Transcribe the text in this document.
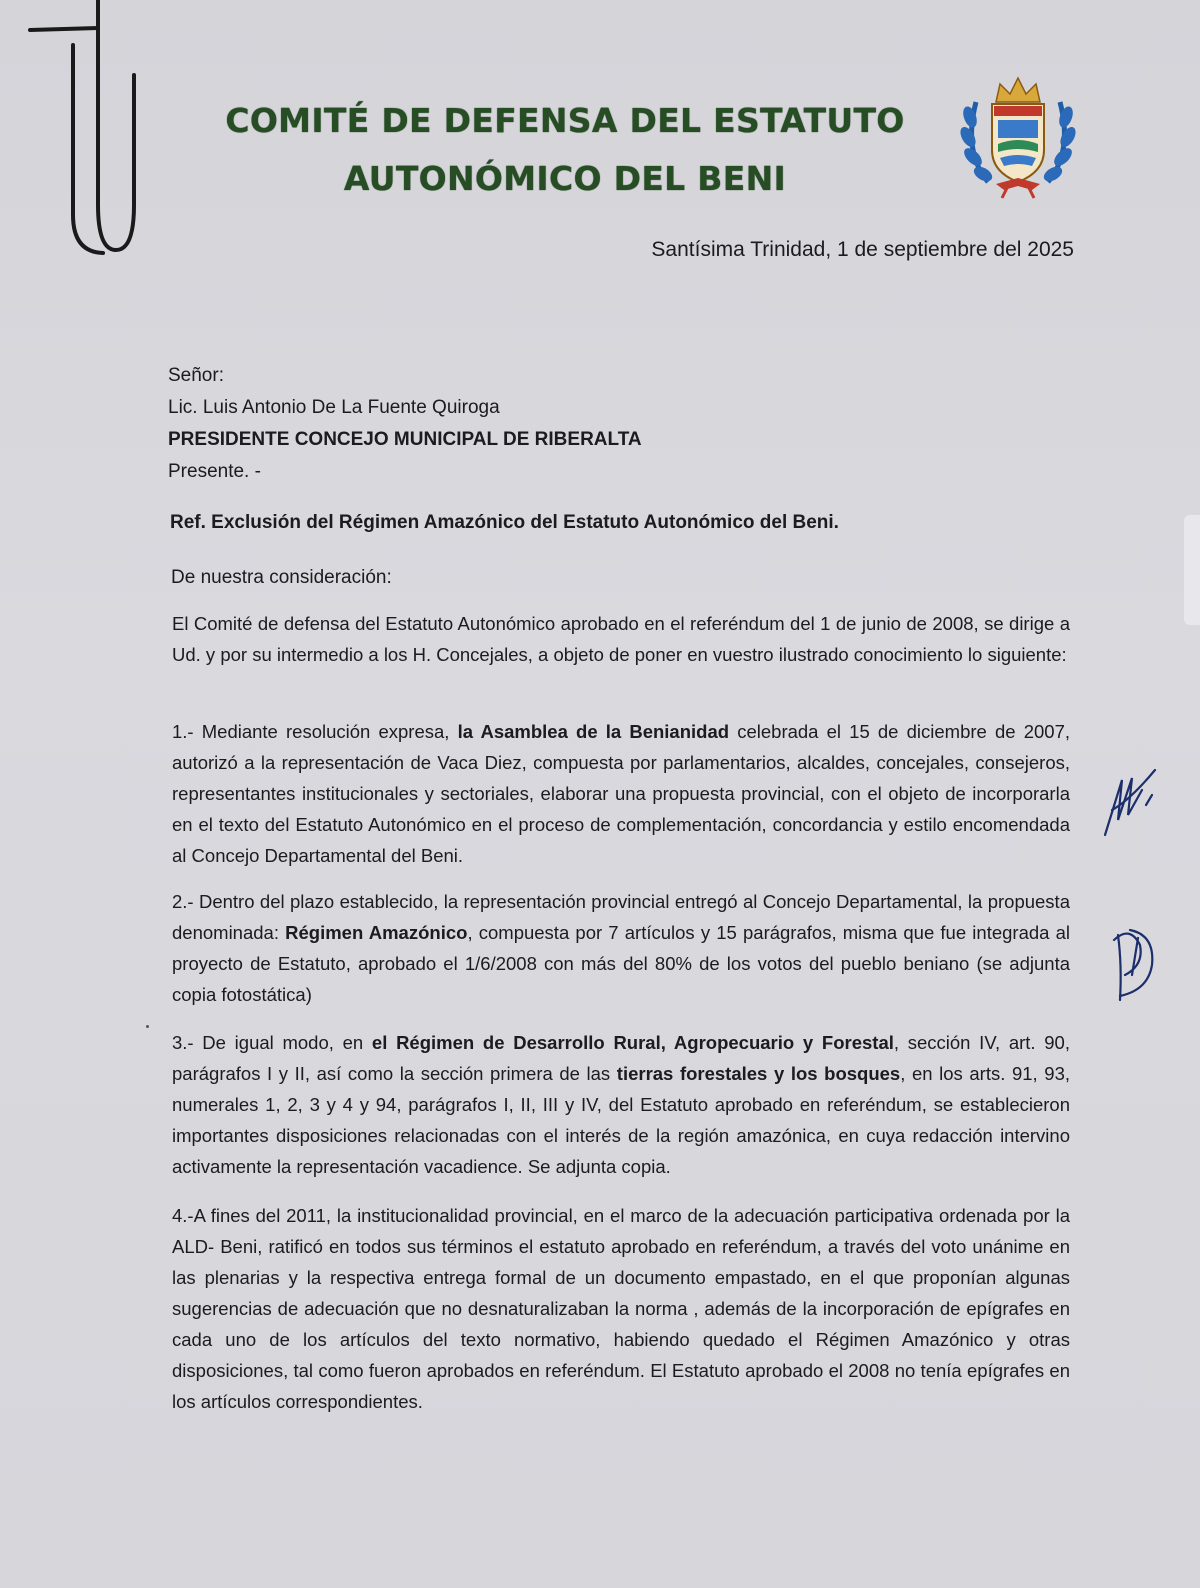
COMITÉ DE DEFENSA DEL ESTATUTO
AUTONÓMICO DEL BENI
Santísima Trinidad, 1 de septiembre del 2025
Señor:
Lic. Luis Antonio De La Fuente Quiroga
PRESIDENTE CONCEJO MUNICIPAL DE RIBERALTA
Presente. -
Ref. Exclusión del Régimen Amazónico del Estatuto Autonómico del Beni.
De nuestra consideración:
El Comité de defensa del Estatuto Autonómico aprobado en el referéndum del 1 de junio de 2008, se dirige a Ud. y por su intermedio a los H. Concejales, a objeto de poner en vuestro ilustrado conocimiento lo siguiente:
1.- Mediante resolución expresa, la Asamblea de la Benianidad celebrada el 15 de diciembre de 2007, autorizó a la representación de Vaca Diez, compuesta por parlamentarios, alcaldes, concejales, consejeros, representantes institucionales y sectoriales, elaborar una propuesta provincial, con el objeto de incorporarla en el texto del Estatuto Autonómico en el proceso de complementación, concordancia y estilo encomendada al Concejo Departamental del Beni.
2.- Dentro del plazo establecido, la representación provincial entregó al Concejo Departamental, la propuesta denominada: Régimen Amazónico, compuesta por 7 artículos y 15 parágrafos, misma que fue integrada al proyecto de Estatuto, aprobado el 1/6/2008 con más del 80% de los votos del pueblo beniano (se adjunta copia fotostática)
3.- De igual modo, en el Régimen de Desarrollo Rural, Agropecuario y Forestal, sección IV, art. 90, parágrafos I y II, así como la sección primera de las tierras forestales y los bosques, en los arts. 91, 93, numerales 1, 2, 3 y 4 y 94, parágrafos I, II, III y IV, del Estatuto aprobado en referéndum, se establecieron importantes disposiciones relacionadas con el interés de la región amazónica, en cuya redacción intervino activamente la representación vacadience. Se adjunta copia.
4.-A fines del 2011, la institucionalidad provincial, en el marco de la adecuación participativa ordenada por la ALD- Beni, ratificó en todos sus términos el estatuto aprobado en referéndum, a través del voto unánime en las plenarias y la respectiva entrega formal de un documento empastado, en el que proponían algunas sugerencias de adecuación que no desnaturalizaban la norma , además de la incorporación de epígrafes en cada uno de los artículos del texto normativo, habiendo quedado el Régimen Amazónico y otras disposiciones, tal como fueron aprobados en referéndum. El Estatuto aprobado el 2008 no tenía epígrafes en los artículos correspondientes.
